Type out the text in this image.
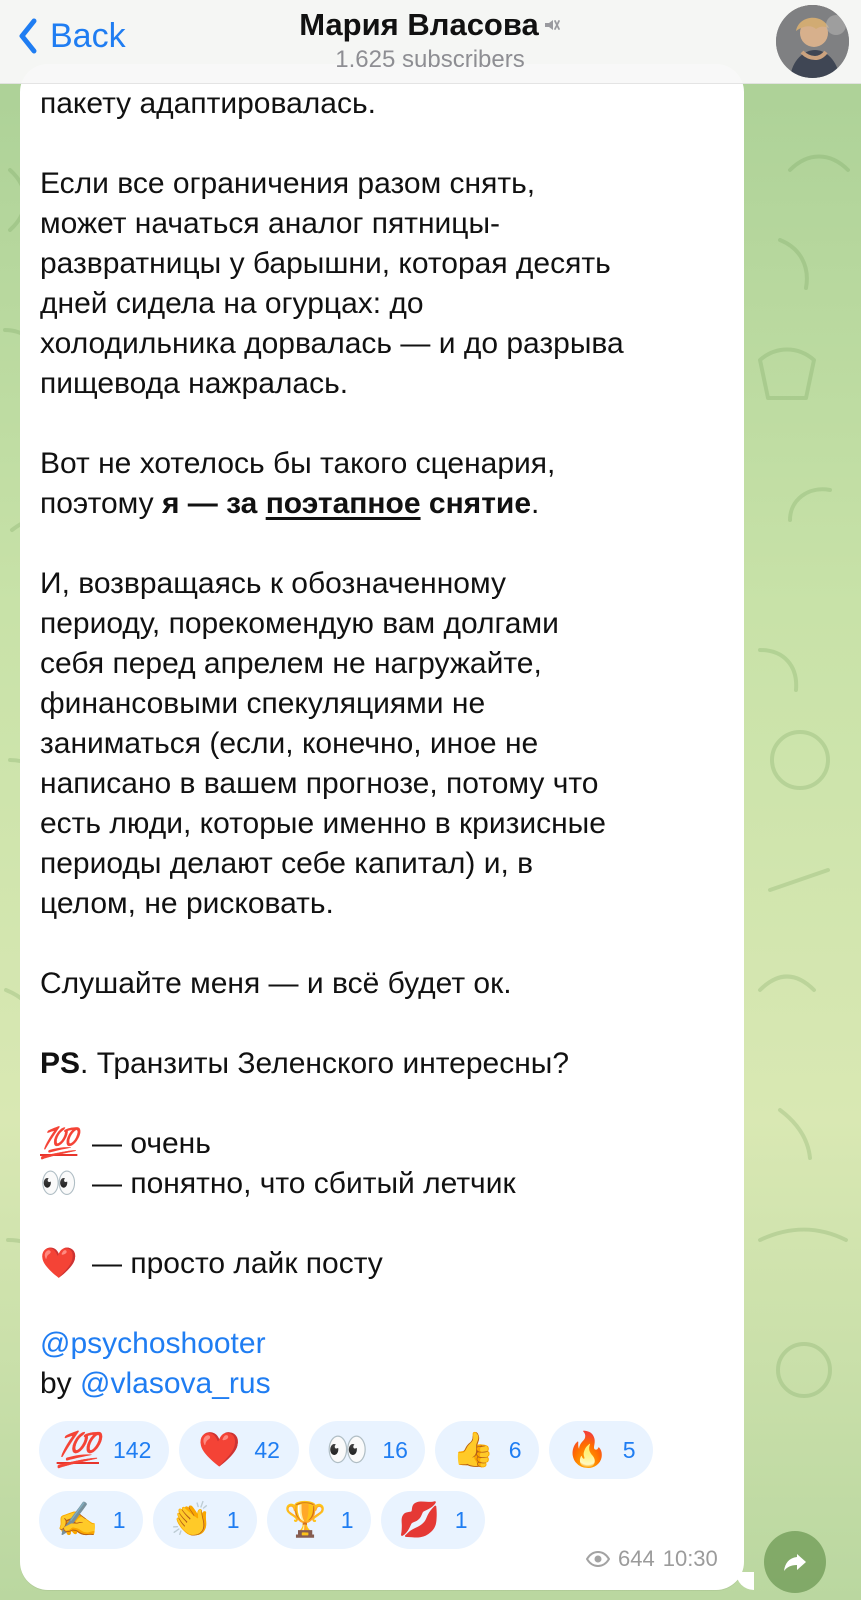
Back	Мария Власова
1.625 subscribers

пакету адаптировалась.

Если все ограничения разом снять,

может начаться аналог пятницы-

развратницы у барышни, которая десять

дней сидела на огурцах: до

холодильника дорвалась — и до разрыва

пищевода нажралась.

Вот не хотелось бы такого сценария,

поэтому я — за поэтапное снятие.

И, возвращаясь к обозначенному

периоду, порекомендую вам долгами

себя перед апрелем не нагружайте,

финансовыми спекуляциями не

заниматься (если, конечно, иное не

написано в вашем прогнозе, потому что

есть люди, которые именно в кризисные

периоды делают себе капитал) и, в

целом, не рисковать.

Слушайте меня — и всё будет ок.

PS. Транзиты Зеленского интересны?

💯 — очень

👀 — понятно, что сбитый летчик

❤️ — просто лайк посту

@psychoshooter

by @vlasova_rus

💯 142 ❤️ 42 👀 16 👍 6 🔥 5
✍️ 1 👏 1 🏆 1 💋 1
644 10:30
